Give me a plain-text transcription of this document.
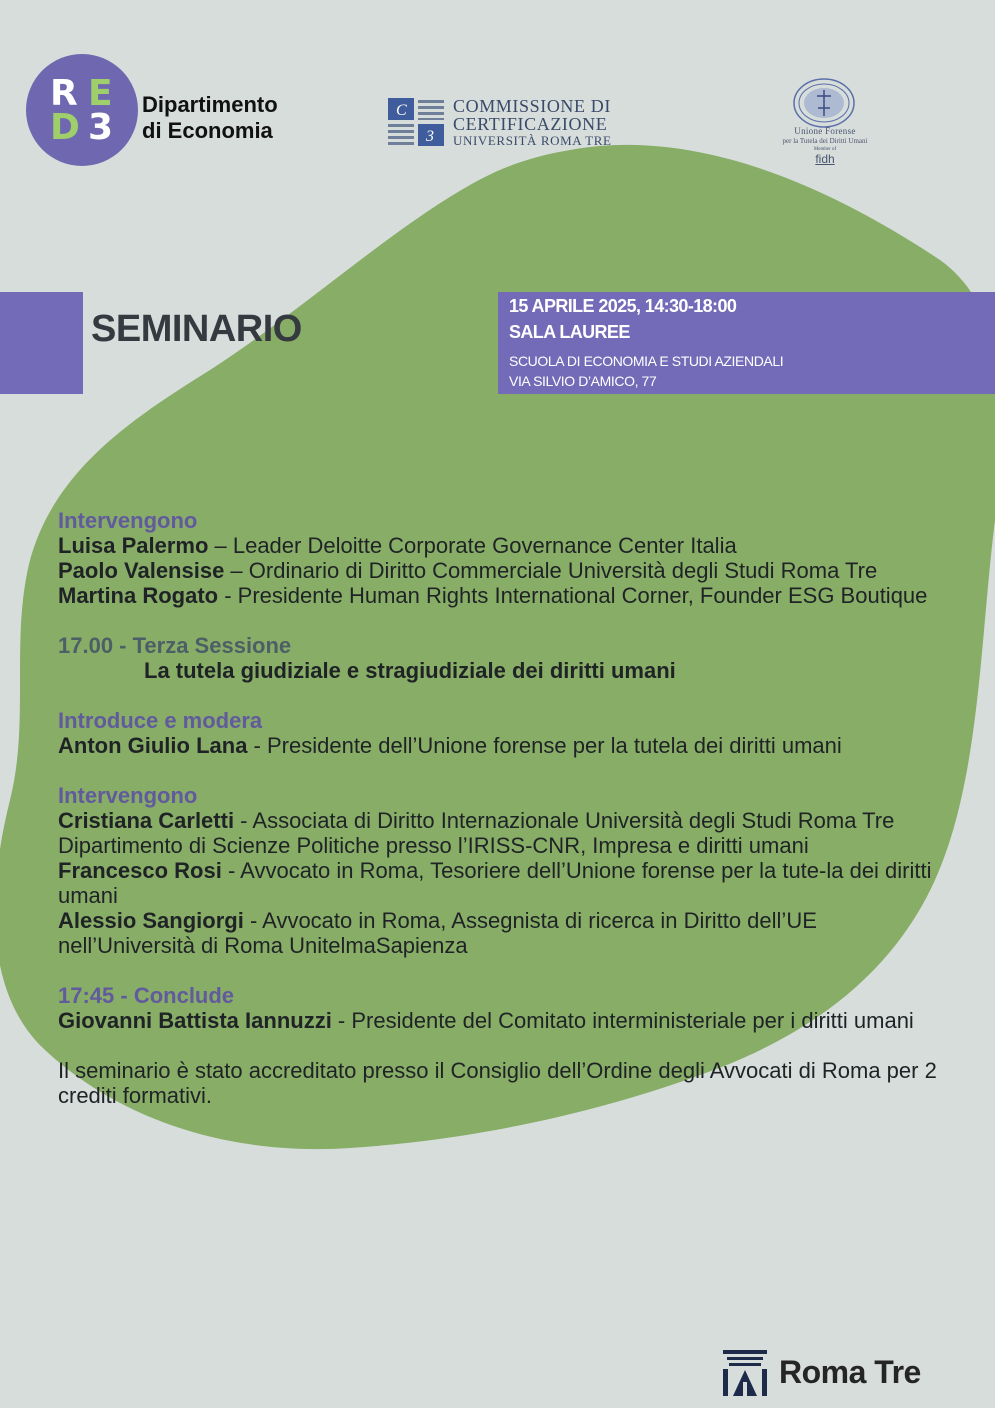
R E
D 3
Dipartimento
di Economia
C
3
COMMISSIONE DI
CERTIFICAZIONE
UNIVERSITÀ ROMA TRE
Unione Forense
per la Tutela dei Diritti Umani
Member of
fidh
SEMINARIO
15 APRILE 2025, 14:30-18:00
SALA LAUREE
SCUOLA DI ECONOMIA E STUDI AZIENDALI
VIA SILVIO D’AMICO, 77

Intervengono

Luisa Palermo – Leader Deloitte Corporate Governance Center Italia

Paolo Valensise – Ordinario di Diritto Commerciale Università degli Studi Roma Tre

Martina Rogato - Presidente Human Rights International Corner, Founder ESG Boutique

17.00 - Terza Sessione

La tutela giudiziale e stragiudiziale dei diritti umani

Introduce e modera

Anton Giulio Lana - Presidente dell’Unione forense per la tutela dei diritti umani

Intervengono

Cristiana Carletti - Associata di Diritto Internazionale Università degli Studi Roma Tre Dipartimento di Scienze Politiche presso l’IRISS-CNR, Impresa e diritti umani

Francesco Rosi - Avvocato in Roma, Tesoriere dell’Unione forense per la tute-la dei diritti umani

Alessio Sangiorgi - Avvocato in Roma, Assegnista di ricerca in Diritto dell’UE nell’Università di Roma UnitelmaSapienza

17:45 - Conclude

Giovanni Battista Iannuzzi - Presidente del Comitato interministeriale per i diritti umani

Il seminario è stato accreditato presso il Consiglio dell’Ordine degli Avvocati di Roma per 2 crediti formativi.

Roma Tre
